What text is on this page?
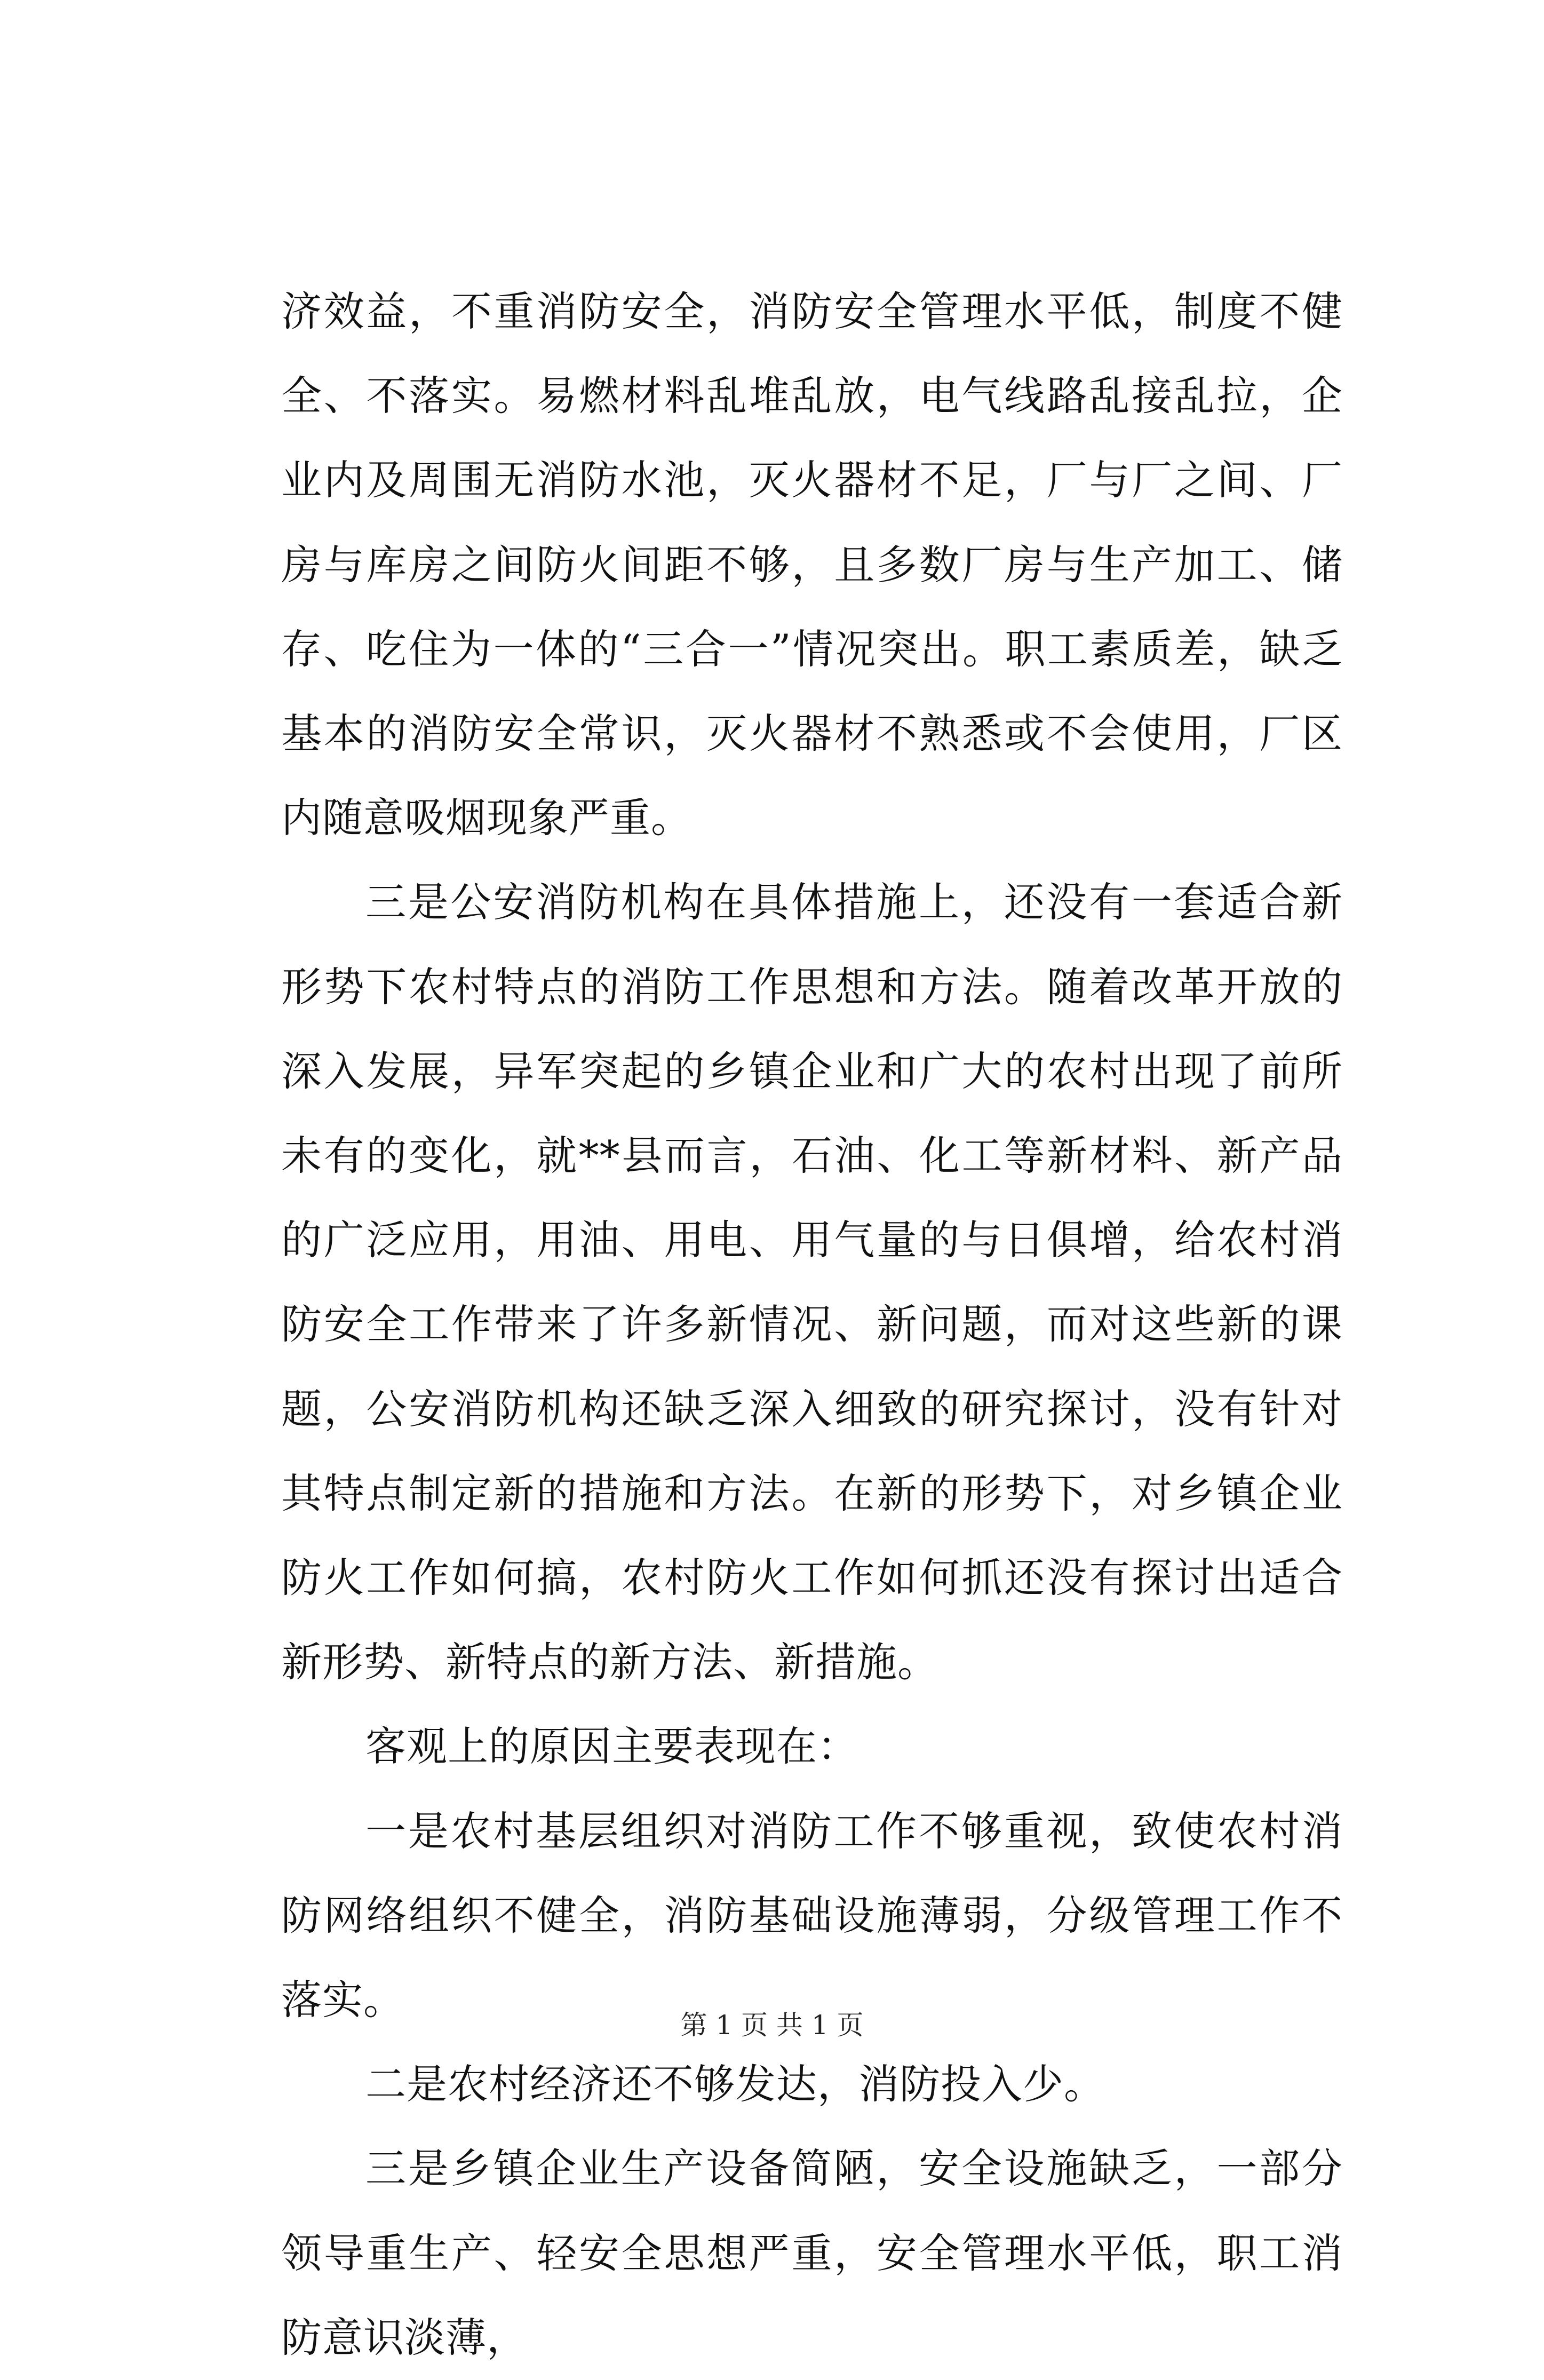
济效益，不重消防安全，消防安全管理水平低，制度不健全、不落实。易燃材料乱堆乱放，电气线路乱接乱拉，企业内及周围无消防水池，灭火器材不足，厂与厂之间、厂房与库房之间防火间距不够，且多数厂房与生产加工、储存、吃住为一体的“三合一”情况突出。职工素质差，缺乏基本的消防安全常识，灭火器材不熟悉或不会使用，厂区内随意吸烟现象严重。

三是公安消防机构在具体措施上，还没有一套适合新形势下农村特点的消防工作思想和方法。随着改革开放的深入发展，异军突起的乡镇企业和广大的农村出现了前所未有的变化，就**县而言，石油、化工等新材料、新产品的广泛应用，用油、用电、用气量的与日俱增，给农村消防安全工作带来了许多新情况、新问题，而对这些新的课题，公安消防机构还缺乏深入细致的研究探讨，没有针对其特点制定新的措施和方法。在新的形势下，对乡镇企业防火工作如何搞，农村防火工作如何抓还没有探讨出适合新形势、新特点的新方法、新措施。

客观上的原因主要表现在：

一是农村基层组织对消防工作不够重视，致使农村消防网络组织不健全，消防基础设施薄弱，分级管理工作不落实。

二是农村经济还不够发达，消防投入少。

三是乡镇企业生产设备简陋，安全设施缺乏，一部分领导重生产、轻安全思想严重，安全管理水平低，职工消防意识淡薄，

第 1 页 共 1 页
